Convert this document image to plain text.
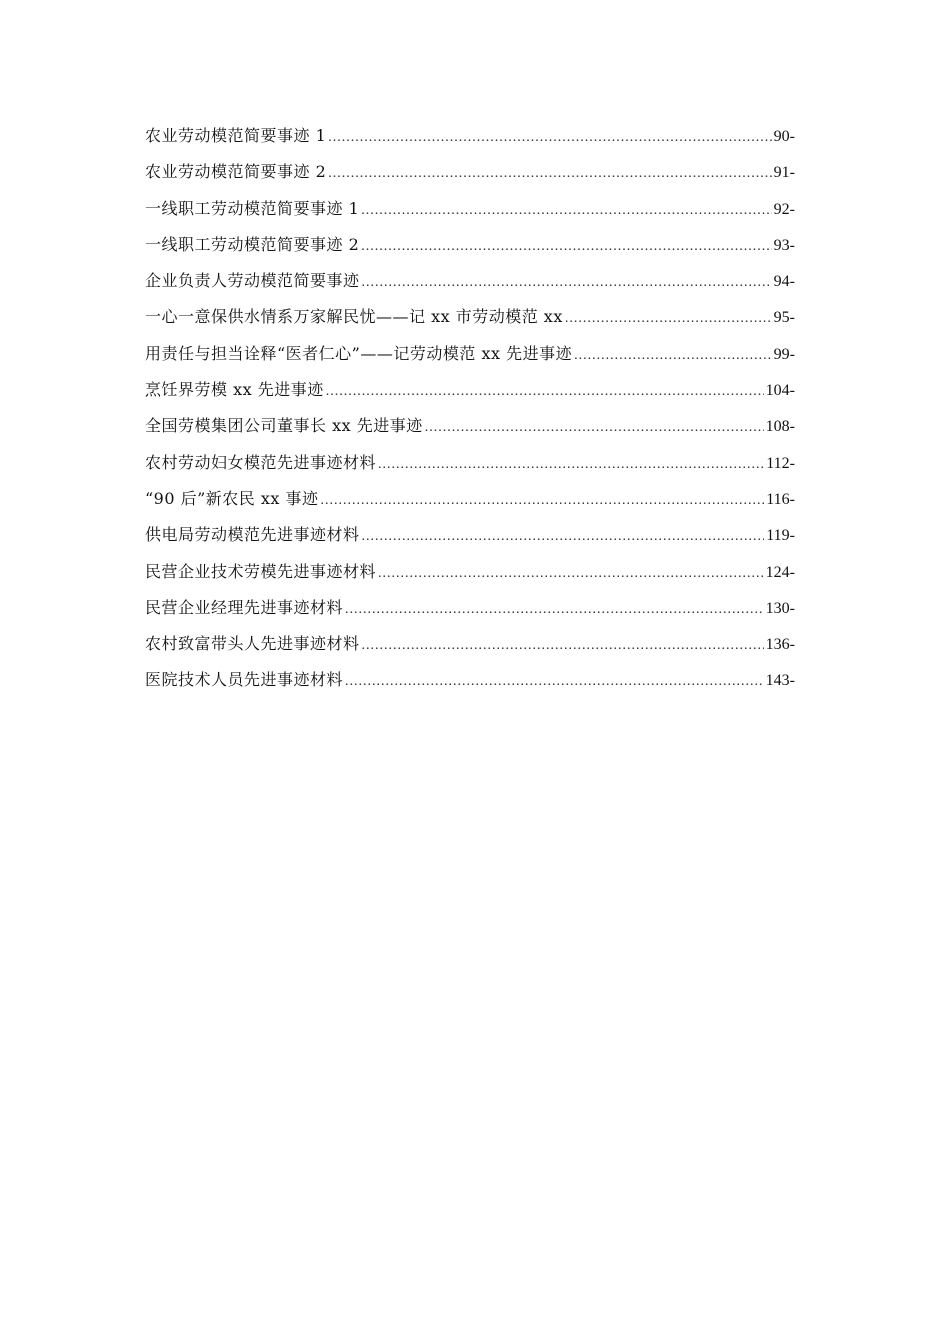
农业劳动模范简要事迹 1 .....	90-
农业劳动模范简要事迹 2 .....	91-
一线职工劳动模范简要事迹 1 .....	92-
一线职工劳动模范简要事迹 2 .....	93-
企业负责人劳动模范简要事迹 .....	94-
一心一意保供水情系万家解民忧——记 xx 市劳动模范 xx .....	95-
用责任与担当诠释“医者仁心”——记劳动模范 xx 先进事迹 .....	99-
烹饪界劳模 xx 先进事迹 .....	104-
全国劳模集团公司董事长 xx 先进事迹 .....	108-
农村劳动妇女模范先进事迹材料 .....	112-
“90 后”新农民 xx 事迹 .....	116-
供电局劳动模范先进事迹材料 .....	119-
民营企业技术劳模先进事迹材料 .....	124-
民营企业经理先进事迹材料 .....	130-
农村致富带头人先进事迹材料 .....	136-
医院技术人员先进事迹材料 .....	143-
